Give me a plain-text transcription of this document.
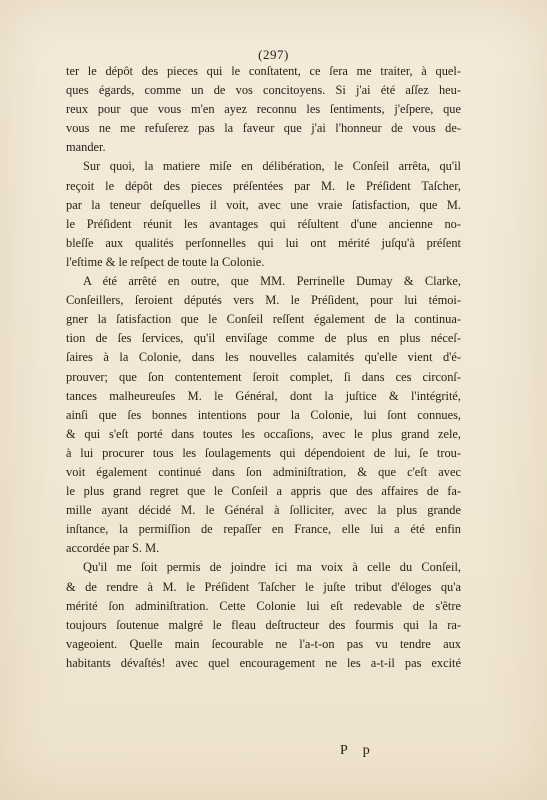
(297)

ter le dépôt des pieces qui le conſtatent, ce ſera me traiter, à quel-
ques égards, comme un de vos concitoyens. Si j'ai été aſſez heu-
reux pour que vous m'en ayez reconnu les ſentiments, j'eſpere, que
vous ne me refuſerez pas la faveur que j'ai l'honneur de vous de-
mander.

Sur quoi, la matiere miſe en délibération, le Conſeil arrêta, qu'il
reçoit le dépôt des pieces préſentées par M. le Préſident Taſcher,
par la teneur deſquelles il voit, avec une vraie ſatisfaction, que M.
le Préſident réunit les avantages qui réſultent d'une ancienne no-
bleſſe aux qualités perſonnelles qui lui ont mérité juſqu'à préſent
l'eſtime & le reſpect de toute la Colonie.

A été arrêté en outre, que MM. Perrinelle Dumay & Clarke,
Conſeillers, ſeroient députés vers M. le Préſident, pour lui témoi-
gner la ſatisfaction que le Conſeil reſſent également de la continua-
tion de ſes ſervices, qu'il enviſage comme de plus en plus néceſ-
ſaires à la Colonie, dans les nouvelles calamités qu'elle vient d'é-
prouver; que ſon contentement ſeroit complet, ſi dans ces circonſ-
tances malheureuſes M. le Général, dont la juſtice & l'intégrité,
ainſi que ſes bonnes intentions pour la Colonie, lui ſont connues,
& qui s'eſt porté dans toutes les occaſions, avec le plus grand zele,
à lui procurer tous les ſoulagements qui dépendoient de lui, ſe trou-
voit également continué dans ſon adminiſtration, & que c'eſt avec
le plus grand regret que le Conſeil a appris que des affaires de fa-
mille ayant décidé M. le Général à ſolliciter, avec la plus grande
inſtance, la permiſſion de repaſſer en France, elle lui a été enfin
accordée par S. M.

Qu'il me ſoit permis de joindre ici ma voix à celle du Conſeil,
& de rendre à M. le Préſident Taſcher le juſte tribut d'éloges qu'a
mérité ſon adminiſtration. Cette Colonie lui eſt redevable de s'être
toujours ſoutenue malgré le fleau deſtructeur des fourmis qui la ra-
vageoient. Quelle main ſecourable ne l'a-t-on pas vu tendre aux
habitants dévaſtés! avec quel encouragement ne les a-t-il pas excité

P p
